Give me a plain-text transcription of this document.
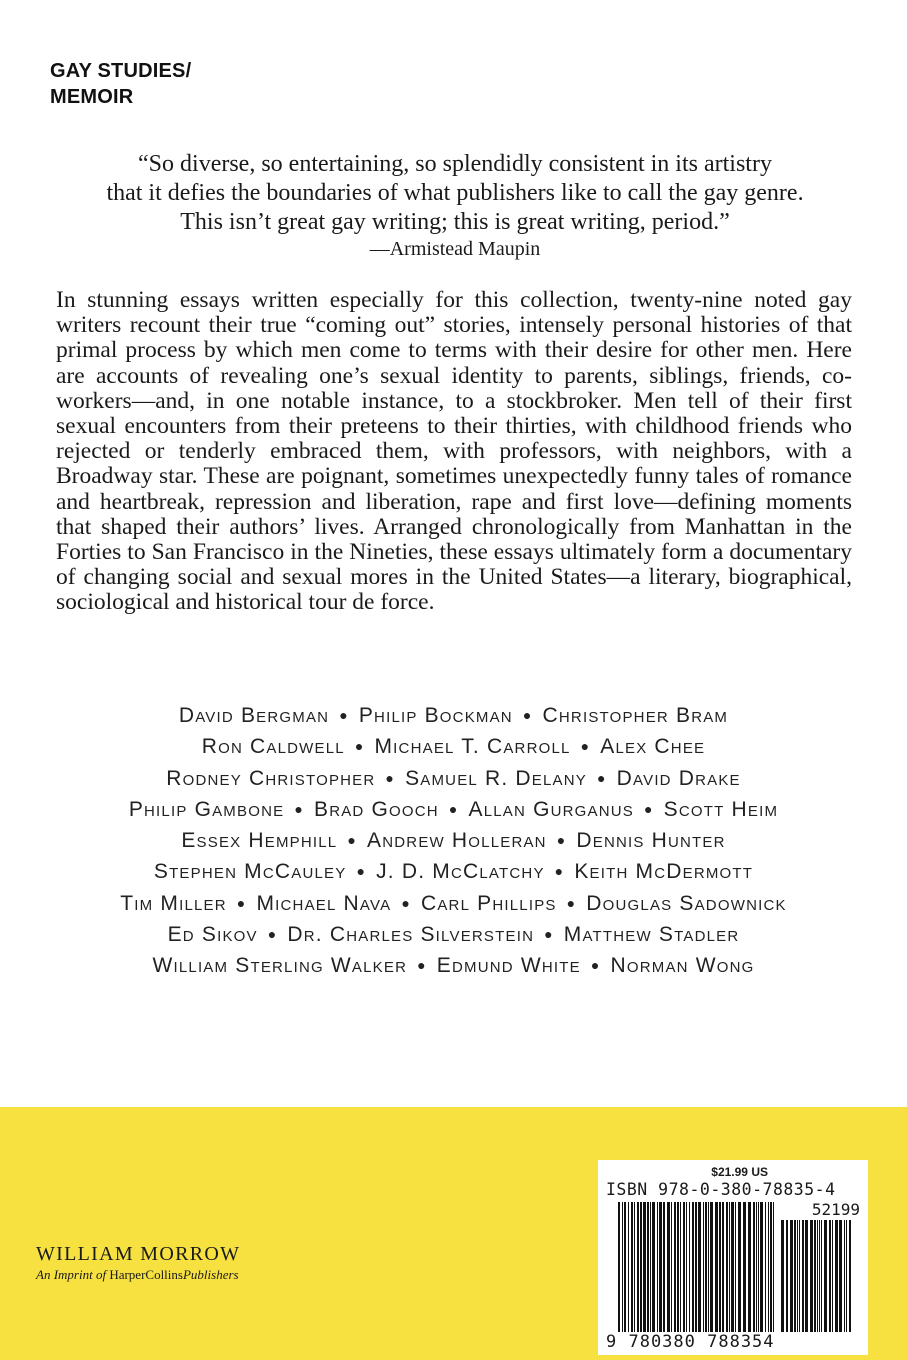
GAY STUDIES/
MEMOIR
“So diverse, so entertaining, so splendidly consistent in its artistry
that it defies the boundaries of what publishers like to call the gay genre.
This isn’t great gay writing; this is great writing, period.”
—Armistead Maupin
In stunning essays written especially for this collection, twenty-nine noted gay writers recount their true “coming out” stories, intensely personal histories of that primal process by which men come to terms with their desire for other men. Here are accounts of revealing one’s sexual identity to parents, siblings, friends, co-workers—and, in one notable instance, to a stockbroker. Men tell of their first sexual encounters from their preteens to their thirties, with childhood friends who rejected or tenderly embraced them, with professors, with neighbors, with a Broadway star. These are poignant, sometimes unexpectedly funny tales of romance and heartbreak, repression and liberation, rape and first love—defining moments that shaped their authors’ lives. Arranged chronologically from Manhattan in the Forties to San Francisco in the Nineties, these essays ultimately form a documentary of changing social and sexual mores in the United States—a literary, biographical, sociological and historical tour de force.
David Bergman ● Philip Bockman ● Christopher Bram
Ron Caldwell ● Michael T. Carroll ● Alex Chee
Rodney Christopher ● Samuel R. Delany ● David Drake
Philip Gambone ● Brad Gooch ● Allan Gurganus ● Scott Heim
Essex Hemphill ● Andrew Holleran ● Dennis Hunter
Stephen McCauley ● J. D. McClatchy ● Keith McDermott
Tim Miller ● Michael Nava ● Carl Phillips ● Douglas Sadownick
Ed Sikov ● Dr. Charles Silverstein ● Matthew Stadler
William Sterling Walker ● Edmund White ● Norman Wong
WILLIAM MORROW
An Imprint of HarperCollinsPublishers
$21.99 US
ISBN 978-0-380-78835-4
52199
9 780380 788354
